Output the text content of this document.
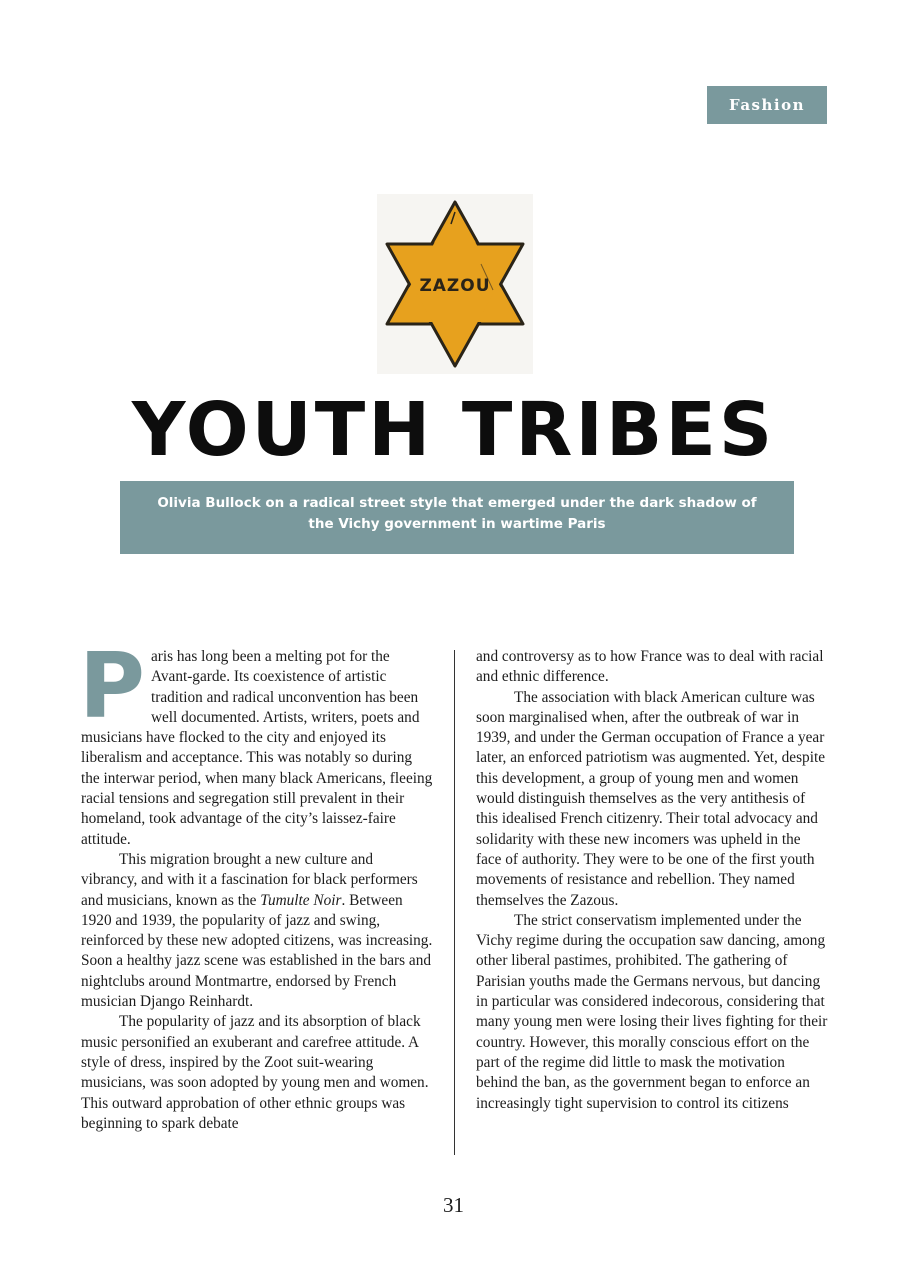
Fashion
ZAZOU
YOUTH TRIBES
Olivia Bullock on a radical street style that emerged under the dark shadow of the Vichy government in wartime Paris

Paris has long been a melting pot for the Avant-garde. Its coexistence of artistic tradition and radical unconvention has been well documented. Artists, writers, poets and musicians have flocked to the city and enjoyed its liberalism and acceptance. This was notably so during the interwar period, when many black Americans, fleeing racial tensions and segregation still prevalent in their homeland, took advantage of the city’s laissez-faire attitude.

This migration brought a new culture and vibrancy, and with it a fascination for black performers and musicians, known as the Tumulte Noir. Between 1920 and 1939, the popularity of jazz and swing, reinforced by these new adopted citizens, was increasing. Soon a healthy jazz scene was established in the bars and nightclubs around Montmartre, endorsed by French musician Django Reinhardt.

The popularity of jazz and its absorption of black music personified an exuberant and carefree attitude. A style of dress, inspired by the Zoot suit-wearing musicians, was soon adopted by young men and women. This outward approbation of other ethnic groups was beginning to spark debate

and controversy as to how France was to deal with racial and ethnic difference.

The association with black American culture was soon marginalised when, after the outbreak of war in 1939, and under the German occupation of France a year later, an enforced patriotism was augmented. Yet, despite this development, a group of young men and women would distinguish themselves as the very antithesis of this idealised French citizenry. Their total advocacy and solidarity with these new incomers was upheld in the face of authority. They were to be one of the first youth movements of resistance and rebellion. They named themselves the Zazous.

The strict conservatism implemented under the Vichy regime during the occupation saw dancing, among other liberal pastimes, prohibited. The gathering of Parisian youths made the Germans nervous, but dancing in particular was considered indecorous, considering that many young men were losing their lives fighting for their country. However, this morally conscious effort on the part of the regime did little to mask the motivation behind the ban, as the government began to enforce an increasingly tight supervision to control its citizens

31
